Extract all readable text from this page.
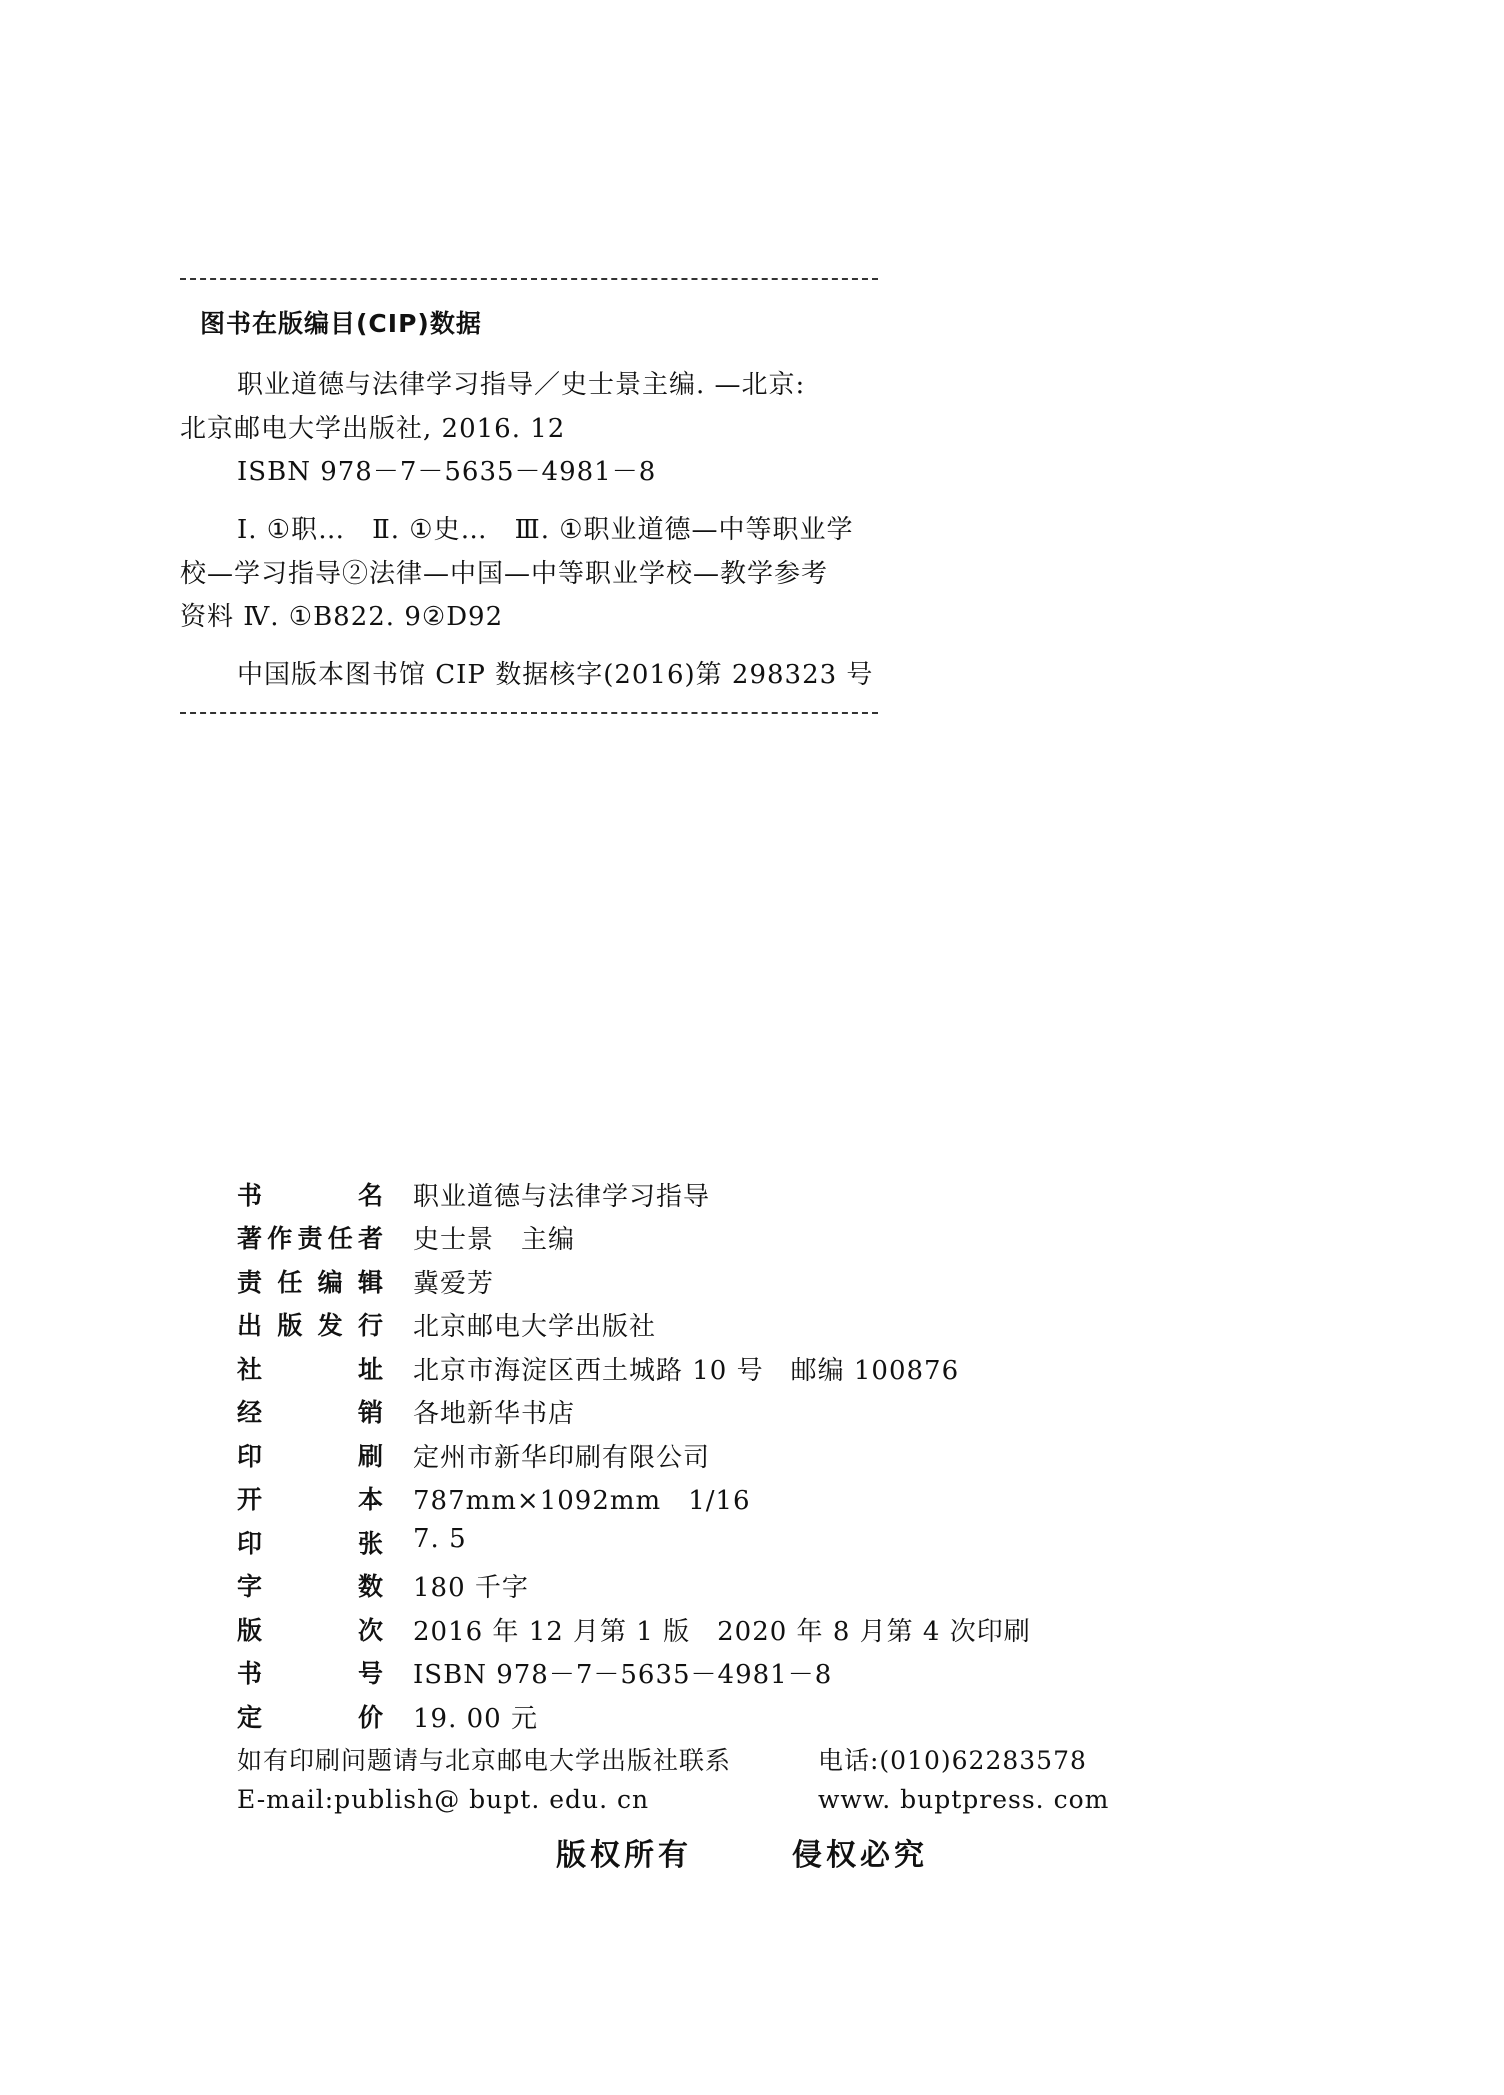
图书在版编目(CIP)数据
职业道德与法律学习指导／史士景主编. —北京:
北京邮电大学出版社, 2016. 12
ISBN 978－7－5635－4981－8
Ⅰ. ①职…　Ⅱ. ①史…　Ⅲ. ①职业道德—中等职业学
校—学习指导②法律—中国—中等职业学校—教学参考
资料 Ⅳ. ①B822. 9②D92
中国版本图书馆 CIP 数据核字(2016)第 298323 号
书	名 职业道德与法律学习指导
著 作 责 任 者 史士景　主编
责 任 编 辑 冀爱芳
出 版 发 行 北京邮电大学出版社
社	址 北京市海淀区西土城路 10 号　邮编 100876
经	销 各地新华书店
印	刷 定州市新华印刷有限公司
开	本 787mm×1092mm　1/16
印	张 7. 5
字	数 180 千字
版	次 2016 年 12 月第 1 版　2020 年 8 月第 4 次印刷
书	号 ISBN 978－7－5635－4981－8
定	价 19. 00 元
如有印刷问题请与北京邮电大学出版社联系	电话:(010)62283578
E-mail:publish@ bupt. edu. cn	www. buptpress. com
版权所有	侵权必究
